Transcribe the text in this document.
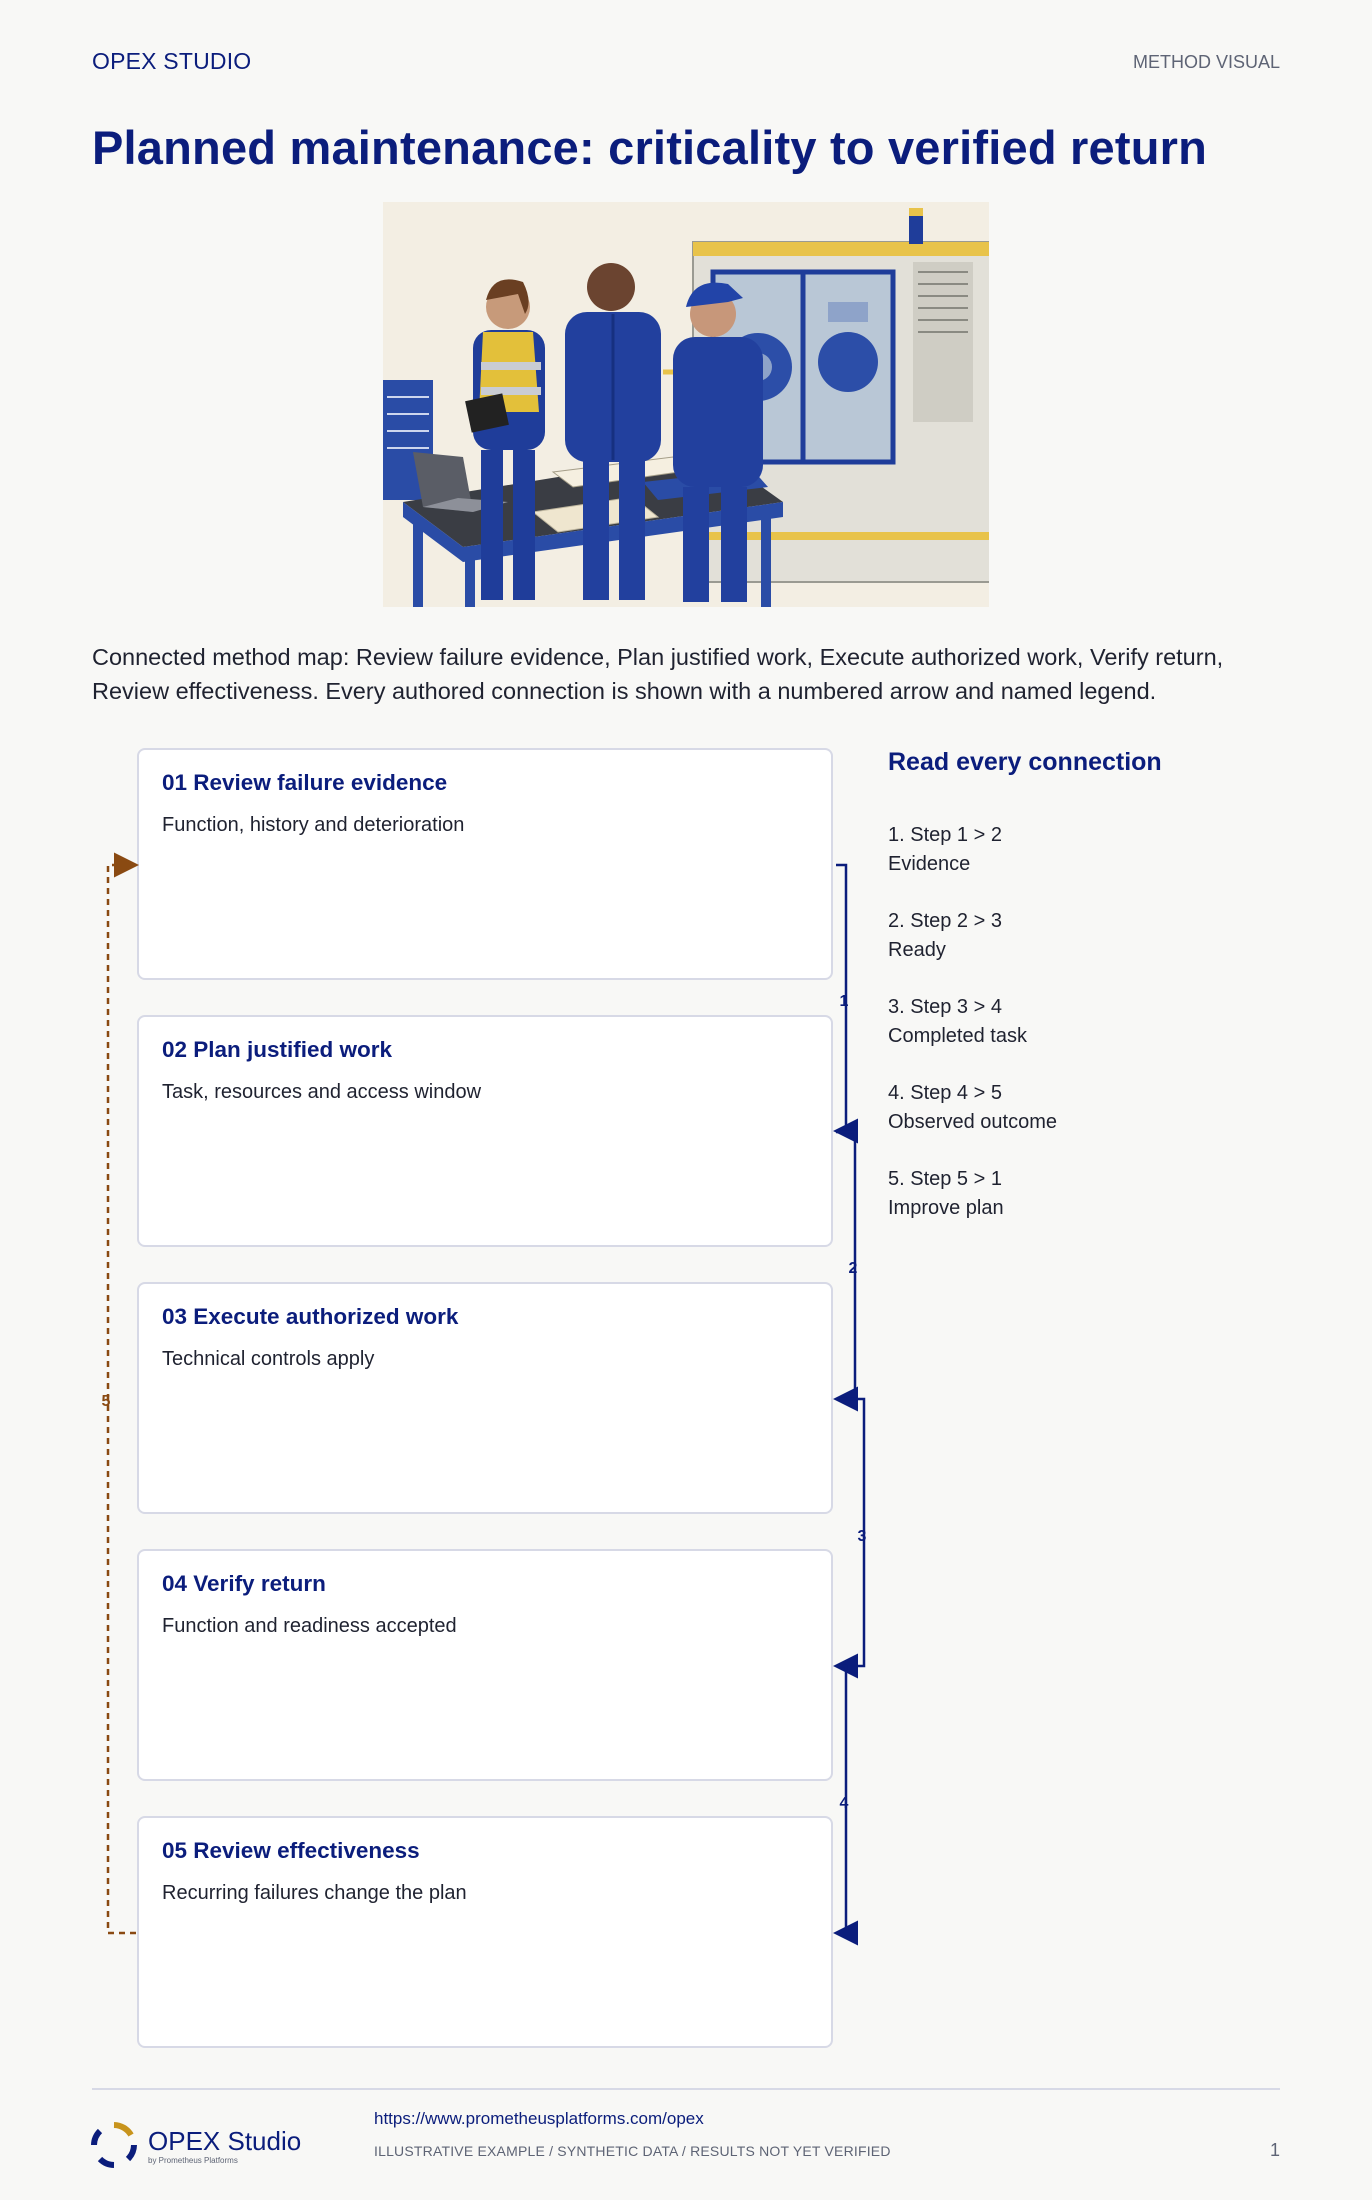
OPEX STUDIO	METHOD VISUAL
Planned maintenance: criticality to verified return

Connected method map: Review failure evidence, Plan justified work, Execute authorized work, Verify return, Review effectiveness. Every authored connection is shown with a numbered arrow and named legend.

01 Review failure evidence
Function, history and deterioration
02 Plan justified work
Task, resources and access window
03 Execute authorized work
Technical controls apply
04 Verify return
Function and readiness accepted
05 Review effectiveness
Recurring failures change the plan
1
2
3
4
5
Read every connection
1. Step 1 > 2
Evidence
2. Step 2 > 3
Ready
3. Step 3 > 4
Completed task
4. Step 4 > 5
Observed outcome
5. Step 5 > 1
Improve plan
OPEX Studio
by Prometheus Platforms
https://www.prometheusplatforms.com/opex
ILLUSTRATIVE EXAMPLE / SYNTHETIC DATA / RESULTS NOT YET VERIFIED	1
